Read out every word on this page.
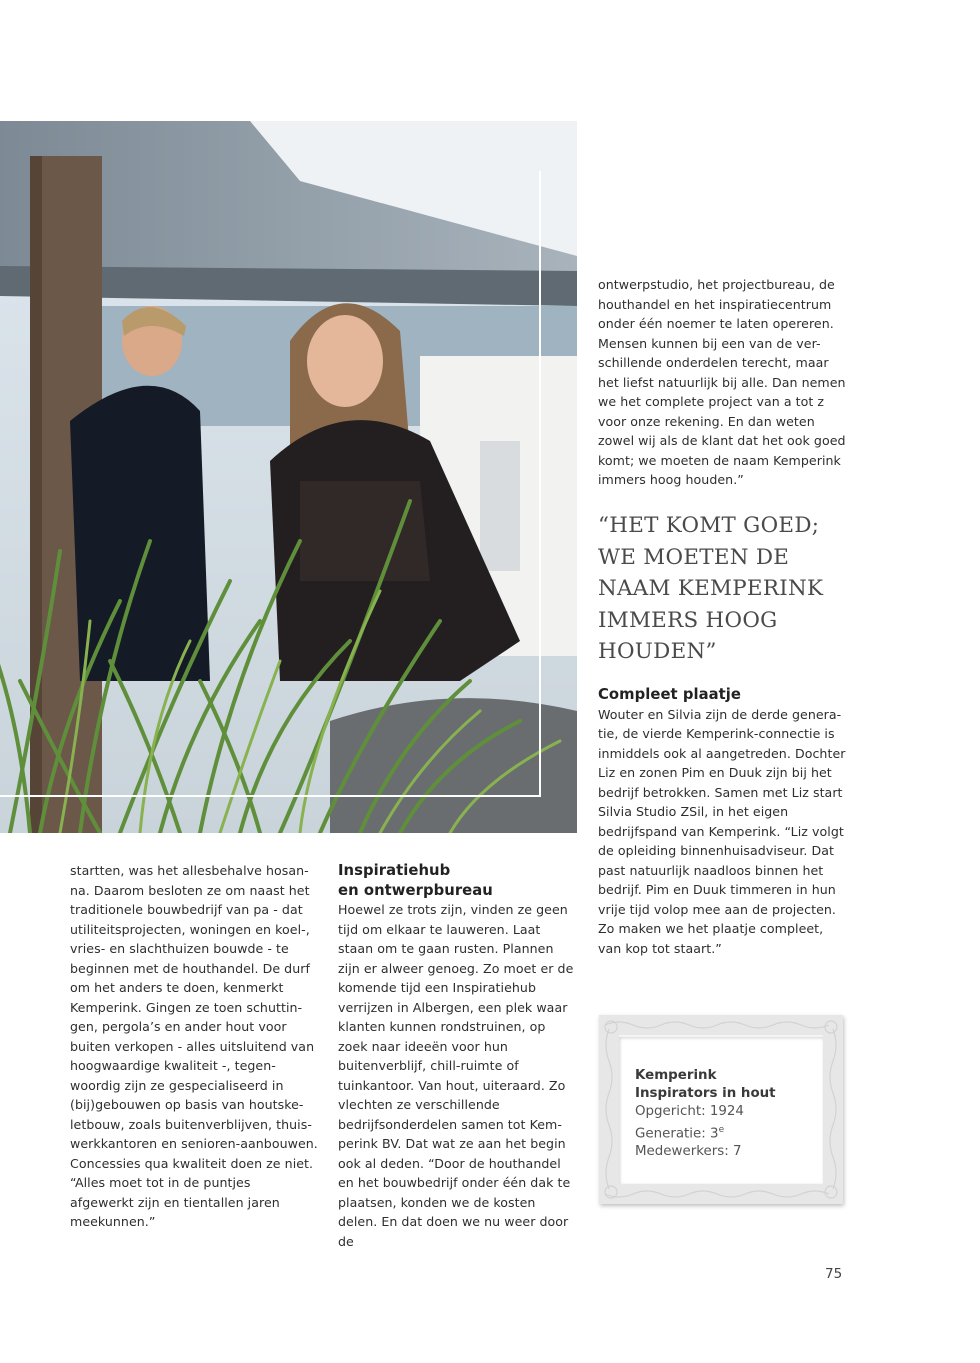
startten, was het allesbehalve hosan-na. Daarom besloten ze om naast het traditionele bouwbedrijf van pa - dat utiliteitsprojecten, woningen en koel-, vries- en slachthuizen bouwde - te beginnen met de houthandel. De durf om het anders te doen, kenmerkt Kemperink. Gingen ze toen schuttin-gen, pergola’s en ander hout voor buiten verkopen - alles uitsluitend van hoogwaardige kwaliteit -, tegen-woordig zijn ze gespecialiseerd in (bij)gebouwen op basis van houtske-letbouw, zoals buitenverblijven, thuis-werkkantoren en senioren-aanbouwen. Concessies qua kwaliteit doen ze niet. “Alles moet tot in de puntjes afgewerkt zijn en tientallen jaren meekunnen.”

Inspiratiehub
en ontwerpbureau

Hoewel ze trots zijn, vinden ze geen tijd om elkaar te lauweren. Laat staan om te gaan rusten. Plannen zijn er alweer genoeg. Zo moet er de komende tijd een Inspiratiehub verrijzen in Albergen, een plek waar klanten kunnen rondstruinen, op zoek naar ideeën voor hun buitenverblijf, chill-ruimte of tuinkantoor. Van hout, uiteraard. Zo vlechten ze verschillende bedrijfsonderdelen samen tot Kem-perink BV. Dat wat ze aan het begin ook al deden. “Door de houthandel en het bouwbedrijf onder één dak te plaatsen, konden we de kosten delen. En dat doen we nu weer door de

ontwerpstudio, het projectbureau, de houthandel en het inspiratiecentrum onder één noemer te laten opereren. Mensen kunnen bij een van de ver-schillende onderdelen terecht, maar het liefst natuurlijk bij alle. Dan nemen we het complete project van a tot z voor onze rekening. En dan weten zowel wij als de klant dat het ook goed komt; we moeten de naam Kemperink immers hoog houden.”

“HET KOMT GOED; WE MOETEN DE NAAM KEMPERINK IMMERS HOOG HOUDEN”

Compleet plaatje

Wouter en Silvia zijn de derde genera-tie, de vierde Kemperink-connectie is inmiddels ook al aangetreden. Dochter Liz en zonen Pim en Duuk zijn bij het bedrijf betrokken. Samen met Liz start Silvia Studio ZSil, in het eigen bedrijfspand van Kemperink. “Liz volgt de opleiding binnenhuisadviseur. Dat past natuurlijk naadloos binnen het bedrijf. Pim en Duuk timmeren in hun vrije tijd volop mee aan de projecten. Zo maken we het plaatje compleet, van kop tot staart.”

Kemperink
Inspirators in hout
Opgericht: 1924
Generatie: 3e
Medewerkers: 7
75
